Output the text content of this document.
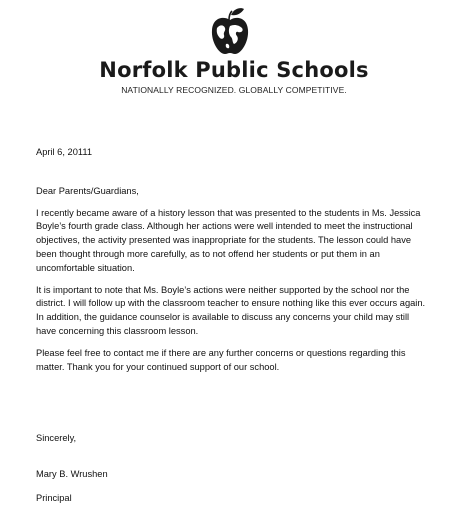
Norfolk Public Schools

NATIONALLY RECOGNIZED. GLOBALLY COMPETITIVE.

April 6, 20111

Dear Parents/Guardians,

I recently became aware of a history lesson that was presented to the students in Ms. Jessica Boyle’s fourth grade class. Although her actions were well intended to meet the instructional objectives, the activity presented was inappropriate for the students. The lesson could have been thought through more carefully, as to not offend her students or put them in an uncomfortable situation.

It is important to note that Ms. Boyle’s actions were neither supported by the school nor the district. I will follow up with the classroom teacher to ensure nothing like this ever occurs again. In addition, the guidance counselor is available to discuss any concerns your child may still have concerning this classroom lesson.

Please feel free to contact me if there are any further concerns or questions regarding this matter. Thank you for your continued support of our school.

Sincerely,

Mary B. Wrushen

Principal
